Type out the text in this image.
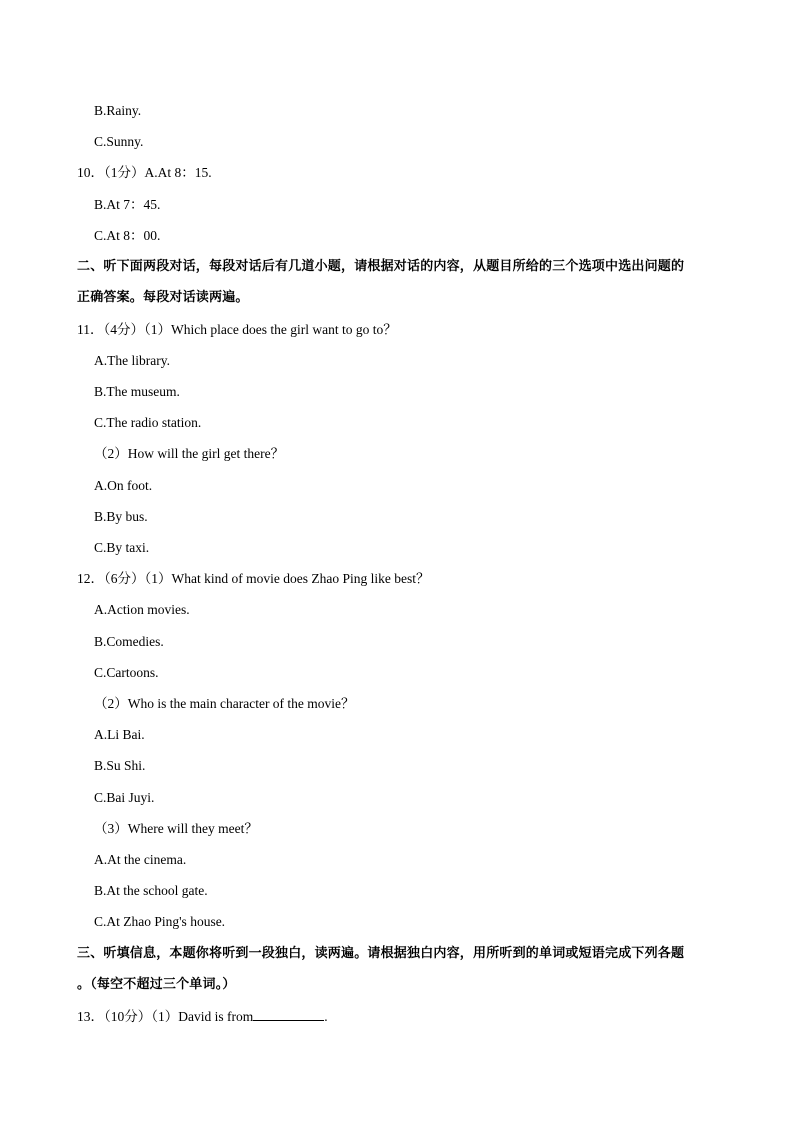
B.Rainy.
C.Sunny.
10．（1分）A.At 8：15.
B.At 7：45.
C.At 8：00.
二、听下面两段对话，每段对话后有几道小题，请根据对话的内容，从题目所给的三个选项中选出问题的
正确答案。每段对话读两遍。
11．（4分）（1）Which place does the girl want to go to？
A.The library.
B.The museum.
C.The radio station.
（2）How will the girl get there？
A.On foot.
B.By bus.
C.By taxi.
12．（6分）（1）What kind of movie does Zhao Ping like best？
A.Action movies.
B.Comedies.
C.Cartoons.
（2）Who is the main character of the movie？
A.Li Bai.
B.Su Shi.
C.Bai Juyi.
（3）Where will they meet？
A.At the cinema.
B.At the school gate.
C.At Zhao Ping's house.
三、听填信息，本题你将听到一段独白，读两遍。请根据独白内容，用所听到的单词或短语完成下列各题
。（每空不超过三个单词。）
13．（10分）（1）David is from	.
